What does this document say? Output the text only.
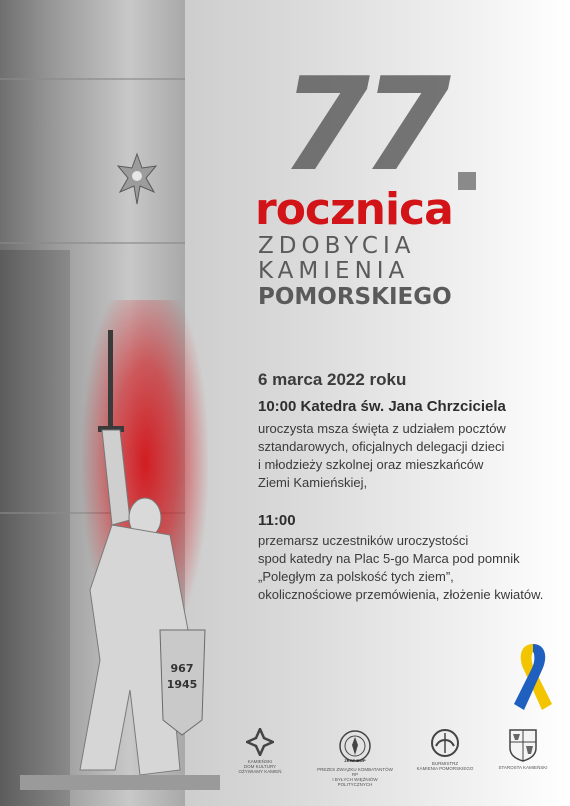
967
1945
77
rocznica
ZDOBYCIA
KAMIENIA
POMORSKIEGO
6 marca 2022 roku
10:00 Katedra św. Jana Chrzciciela
uroczysta msza święta z udziałem pocztów
sztandarowych, oficjalnych delegacji dzieci
i młodzieży szkolnej oraz mieszkańców
Ziemi Kamieńskiej,
11:00
przemarsz uczestników uroczystości
spod katedry na Plac 5-go Marca pod pomnik
„Poległym za polskość tych ziem”,
okolicznościowe przemówienia, złożenie kwiatów.
KAMIEŃSKI
DOM KULTURY
OŻYWIAMY KAMIEŃ
ZKRP BWP
PREZES ZWIĄZKU KOMBATANTÓW RP
I BYŁYCH WIĘŹNIÓW POLITYCZNYCH
BURMISTRZ
KAMIENIA POMORSKIEGO	STAROSTA KAMIEŃSKI
